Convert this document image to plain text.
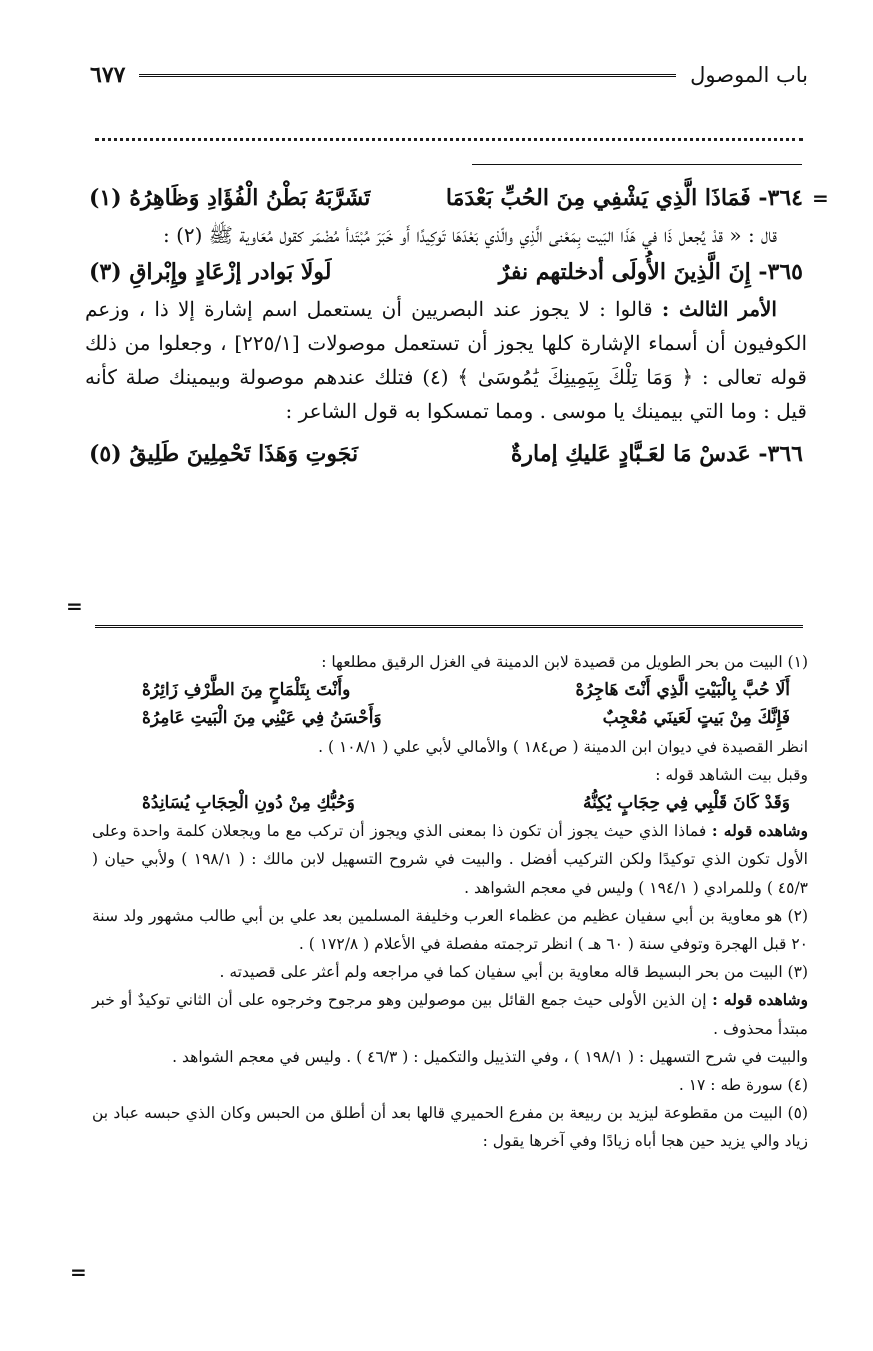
باب الموصول
٦٧٧
=
=
٣٦٤- فَمَاذَا الَّذِي يَشْفِي مِنَ الحُبِّ بَعْدَمَا
تَشَرَّبَهُ بَطْنُ الْفُؤَادِ وَظَاهِرُهُ (١)

قال : « قدْ يُجعل ذَا في هَذَا البَيت بِمَعْنى الَّذِي والّذي بَعْدَهَا تَوكِيدًا أَو خَبَرَ مُبْتَدأ مُضْمَر كقول مُعَاوية ﷺ (٢) :

٣٦٥- إِنَ الَّذِينَ الأُولَى أدخلتهم نفرٌ
لَولَا بَوادر إزْعَادٍ وإِبْراقِ (٣)

الأمر الثالث : قالوا : لا يجوز عند البصريين أن يستعمل اسم إشارة إلا ذا ، وزعم الكوفيون أن أسماء الإشارة كلها يجوز أن تستعمل موصولات [٢٢٥/١] ، وجعلوا من ذلك قوله تعالى : ﴿ وَمَا تِلْكَ بِيَمِينِكَ يَٰمُوسَىٰ ﴾ (٤) فتلك عندهم موصولة وبيمينك صلة كأنه قيل : وما التي بيمينك يا موسى . ومما تمسكوا به قول الشاعر :

٣٦٦- عَدسْ مَا لعَـبَّادٍ عَليكِ إمارةٌ
نَجَوتِ وَهَذَا تَحْمِلِينَ طَلِيقُ (٥)

(١) البيت من بحر الطويل من قصيدة لابن الدمينة في الغزل الرقيق مطلعها :

أَلَا حُبَّ بِالْبَيْتِ الَّذِي أَنْتَ هَاجِرُهْ
وأَنْتَ بِتَلْمَاحٍ مِنَ الطَّرْفِ زَائِرُهْ
فَإِنَّكَ مِنْ بَيتٍ لَعَينَي مُعْجِبٌ
وَأَحْسَنُ فِي عَيْنِي مِنَ الْبَيتِ عَامِرُهْ

انظر القصيدة في ديوان ابن الدمينة ( ص١٨٤ ) والأمالي لأبي علي ( ١٠٨/١ ) .

وقبل بيت الشاهد قوله :

وَقَدْ كَانَ قَلْبِي فِي حِجَابٍ يُكِنُّهُ
وَحُبُّكِ مِنْ دُونِ الْحِجَابِ يُسَانِدُهْ

وشاهده قوله : فماذا الذي حيث يجوز أن تكون ذا بمعنى الذي ويجوز أن تركب مع ما ويجعلان كلمة واحدة وعلى الأول تكون الذي توكيدًا ولكن التركيب أفضل . والبيت في شروح التسهيل لابن مالك : ( ١٩٨/١ ) ولأبي حيان ( ٤٥/٣ ) وللمرادي ( ١٩٤/١ ) وليس في معجم الشواهد .

(٢) هو معاوية بن أبي سفيان عظيم من عظماء العرب وخليفة المسلمين بعد علي بن أبي طالب مشهور ولد سنة ٢٠ قبل الهجرة وتوفي سنة ( ٦٠ هـ ) انظر ترجمته مفصلة في الأعلام ( ١٧٢/٨ ) .

(٣) البيت من بحر البسيط قاله معاوية بن أبي سفيان كما في مراجعه ولم أعثر على قصيدته .

وشاهده قوله : إن الذين الأولى حيث جمع القائل بين موصولين وهو مرجوح وخرجوه على أن الثاني توكيدٌ أو خبر مبتدأ محذوف .

والبيت في شرح التسهيل : ( ١٩٨/١ ) ، وفي التذييل والتكميل : ( ٤٦/٣ ) . وليس في معجم الشواهد .

(٤) سورة طه : ١٧ .

(٥) البيت من مقطوعة ليزيد بن ربيعة بن مفرع الحميري قالها بعد أن أطلق من الحبس وكان الذي حبسه عباد بن زياد والي يزيد حين هجا أباه زيادًا وفي آخرها يقول :

=
